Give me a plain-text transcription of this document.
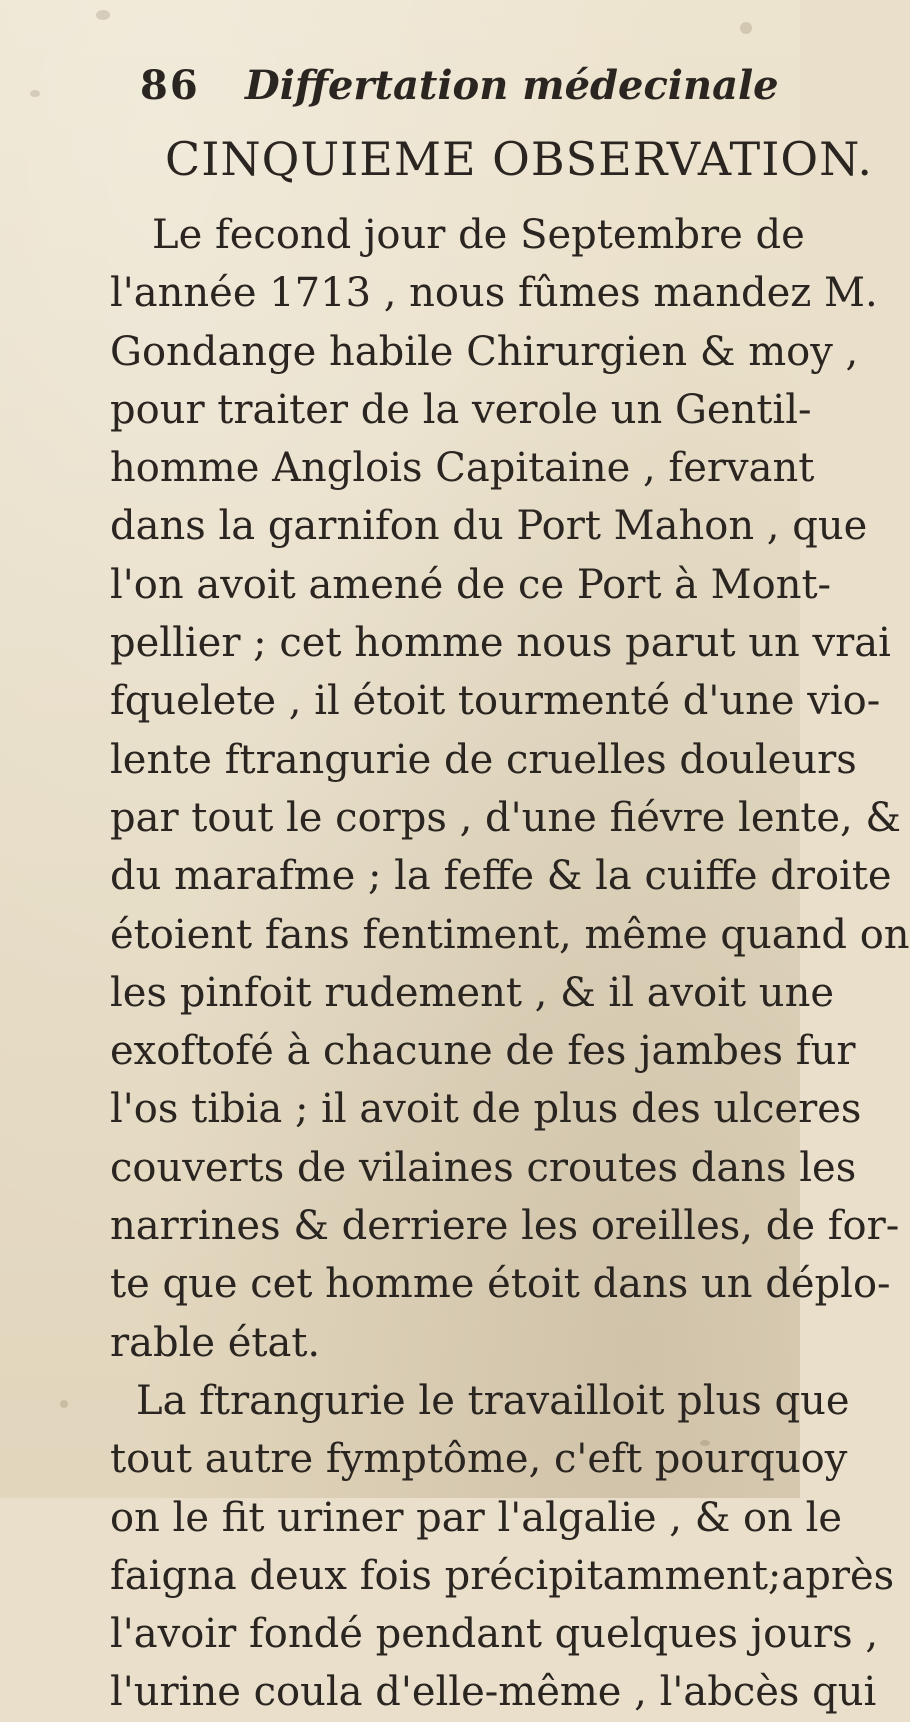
86 Differtation médecinale
CINQUIEME OBSERVATION.
Le fecond jour de Septembre de
l'année 1713 , nous fûmes mandez M.
Gondange habile Chirurgien & moy ,
pour traiter de la verole un Gentil-
homme Anglois Capitaine , fervant
dans la garnifon du Port Mahon , que
l'on avoit amené de ce Port à Mont-
pellier ; cet homme nous parut un vrai
fquelete , il étoit tourmenté d'une vio-
lente ftrangurie de cruelles douleurs
par tout le corps , d'une fiévre lente, &
du marafme ; la feffe & la cuiffe droite
étoient fans fentiment, même quand on
les pinfoit rudement , & il avoit une
exoftofé à chacune de fes jambes fur
l'os tibia ; il avoit de plus des ulceres
couverts de vilaines croutes dans les
narrines & derriere les oreilles, de for-
te que cet homme étoit dans un déplo-
rable état.
La ftrangurie le travailloit plus que
tout autre fymptôme, c'eft pourquoy
on le fit uriner par l'algalie , & on le
faigna deux fois précipitamment;après
l'avoir fondé pendant quelques jours ,
l'urine coula d'elle-même , l'abcès qui
